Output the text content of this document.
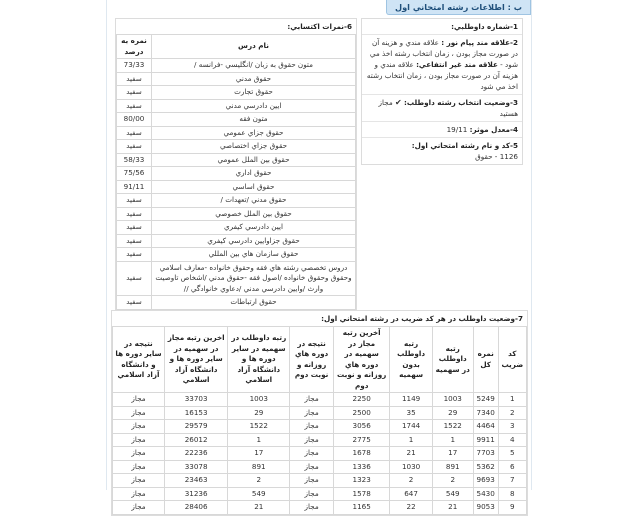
ب : اطلاعات رشته امتحاني اول
1-شماره داوطلبي:
2-علاقه مند پيام نور : علاقه مندي و هزينه آن در صورت مجاز بودن ، زمان انتخاب رشته اخذ مي شود - علاقه مند غير انتفاعي: علاقه مندي و هزينه آن در صورت مجاز بودن ، زمان انتخاب رشته اخذ مي شود
3-وضعيت انتخاب رشته داوطلب: ✔ مجاز هستيد
4-معدل موثر: 19/11
5-كد و نام رشته امتحاني اول:
1126 - حقوق
6-نمرات اكتسابي:
نام درس	نمره به درصد
متون حقوق به زبان /انگليسي -فرانسه /	73/33
حقوق مدني	سفيد
حقوق تجارت	سفيد
ايين دادرسي مدني	سفيد
متون فقه	80/00
حقوق جزاي عمومي	سفيد
حقوق جزاي اختصاصي	سفيد
حقوق بين الملل عمومي	58/33
حقوق اداري	75/56
حقوق اساسي	91/11
حقوق مدني /تعهدات /	سفيد
حقوق بين الملل خصوصي	سفيد
ايين دادرسي كيفري	سفيد
حقوق جزاوايين دادرسي كيفري	سفيد
حقوق سازمان هاي بين المللي	سفيد
دروس تخصصي رشته هاي فقه وحقوق خانواده -معارف اسلامي وحقوق وحقوق خانواده /اصول فقه -حقوق مدني /اشخاص تاوصيت وارث /وايين دادرسي مدني /دعاوي خانوادگي //	سفيد
حقوق ارتباطات	سفيد
7-وضعيت داوطلب در هر كد ضريب در رشته امتحاني اول:
كد ضريب	نمره كل	رتبه داوطلب در سهميه	رتبه داوطلب بدون سهميه	آخرين رتبه مجاز در سهميه در دوره هاي روزانه و نوبت دوم	نتيجه در دوره هاي روزانه و نوبت دوم	رتبه داوطلب در سهميه در ساير دوره ها و دانشگاه آزاد اسلامي	اخرين رتبه مجاز در سهميه در ساير دوره ها و دانشگاه آزاد اسلامي	نتيجه در ساير دوره ها و دانشگاه آزاد اسلامي
1	5249	1003	1149	2250	مجاز	1003	33703	مجاز
2	7340	29	35	2500	مجاز	29	16153	مجاز
3	4464	1522	1744	3056	مجاز	1522	29579	مجاز
4	9911	1	1	2775	مجاز	1	26012	مجاز
5	7703	17	21	1678	مجاز	17	22236	مجاز
6	5362	891	1030	1336	مجاز	891	33078	مجاز
7	9693	2	2	1323	مجاز	2	23463	مجاز
8	5430	549	647	1578	مجاز	549	31236	مجاز
9	9053	21	22	1165	مجاز	21	28406	مجاز
